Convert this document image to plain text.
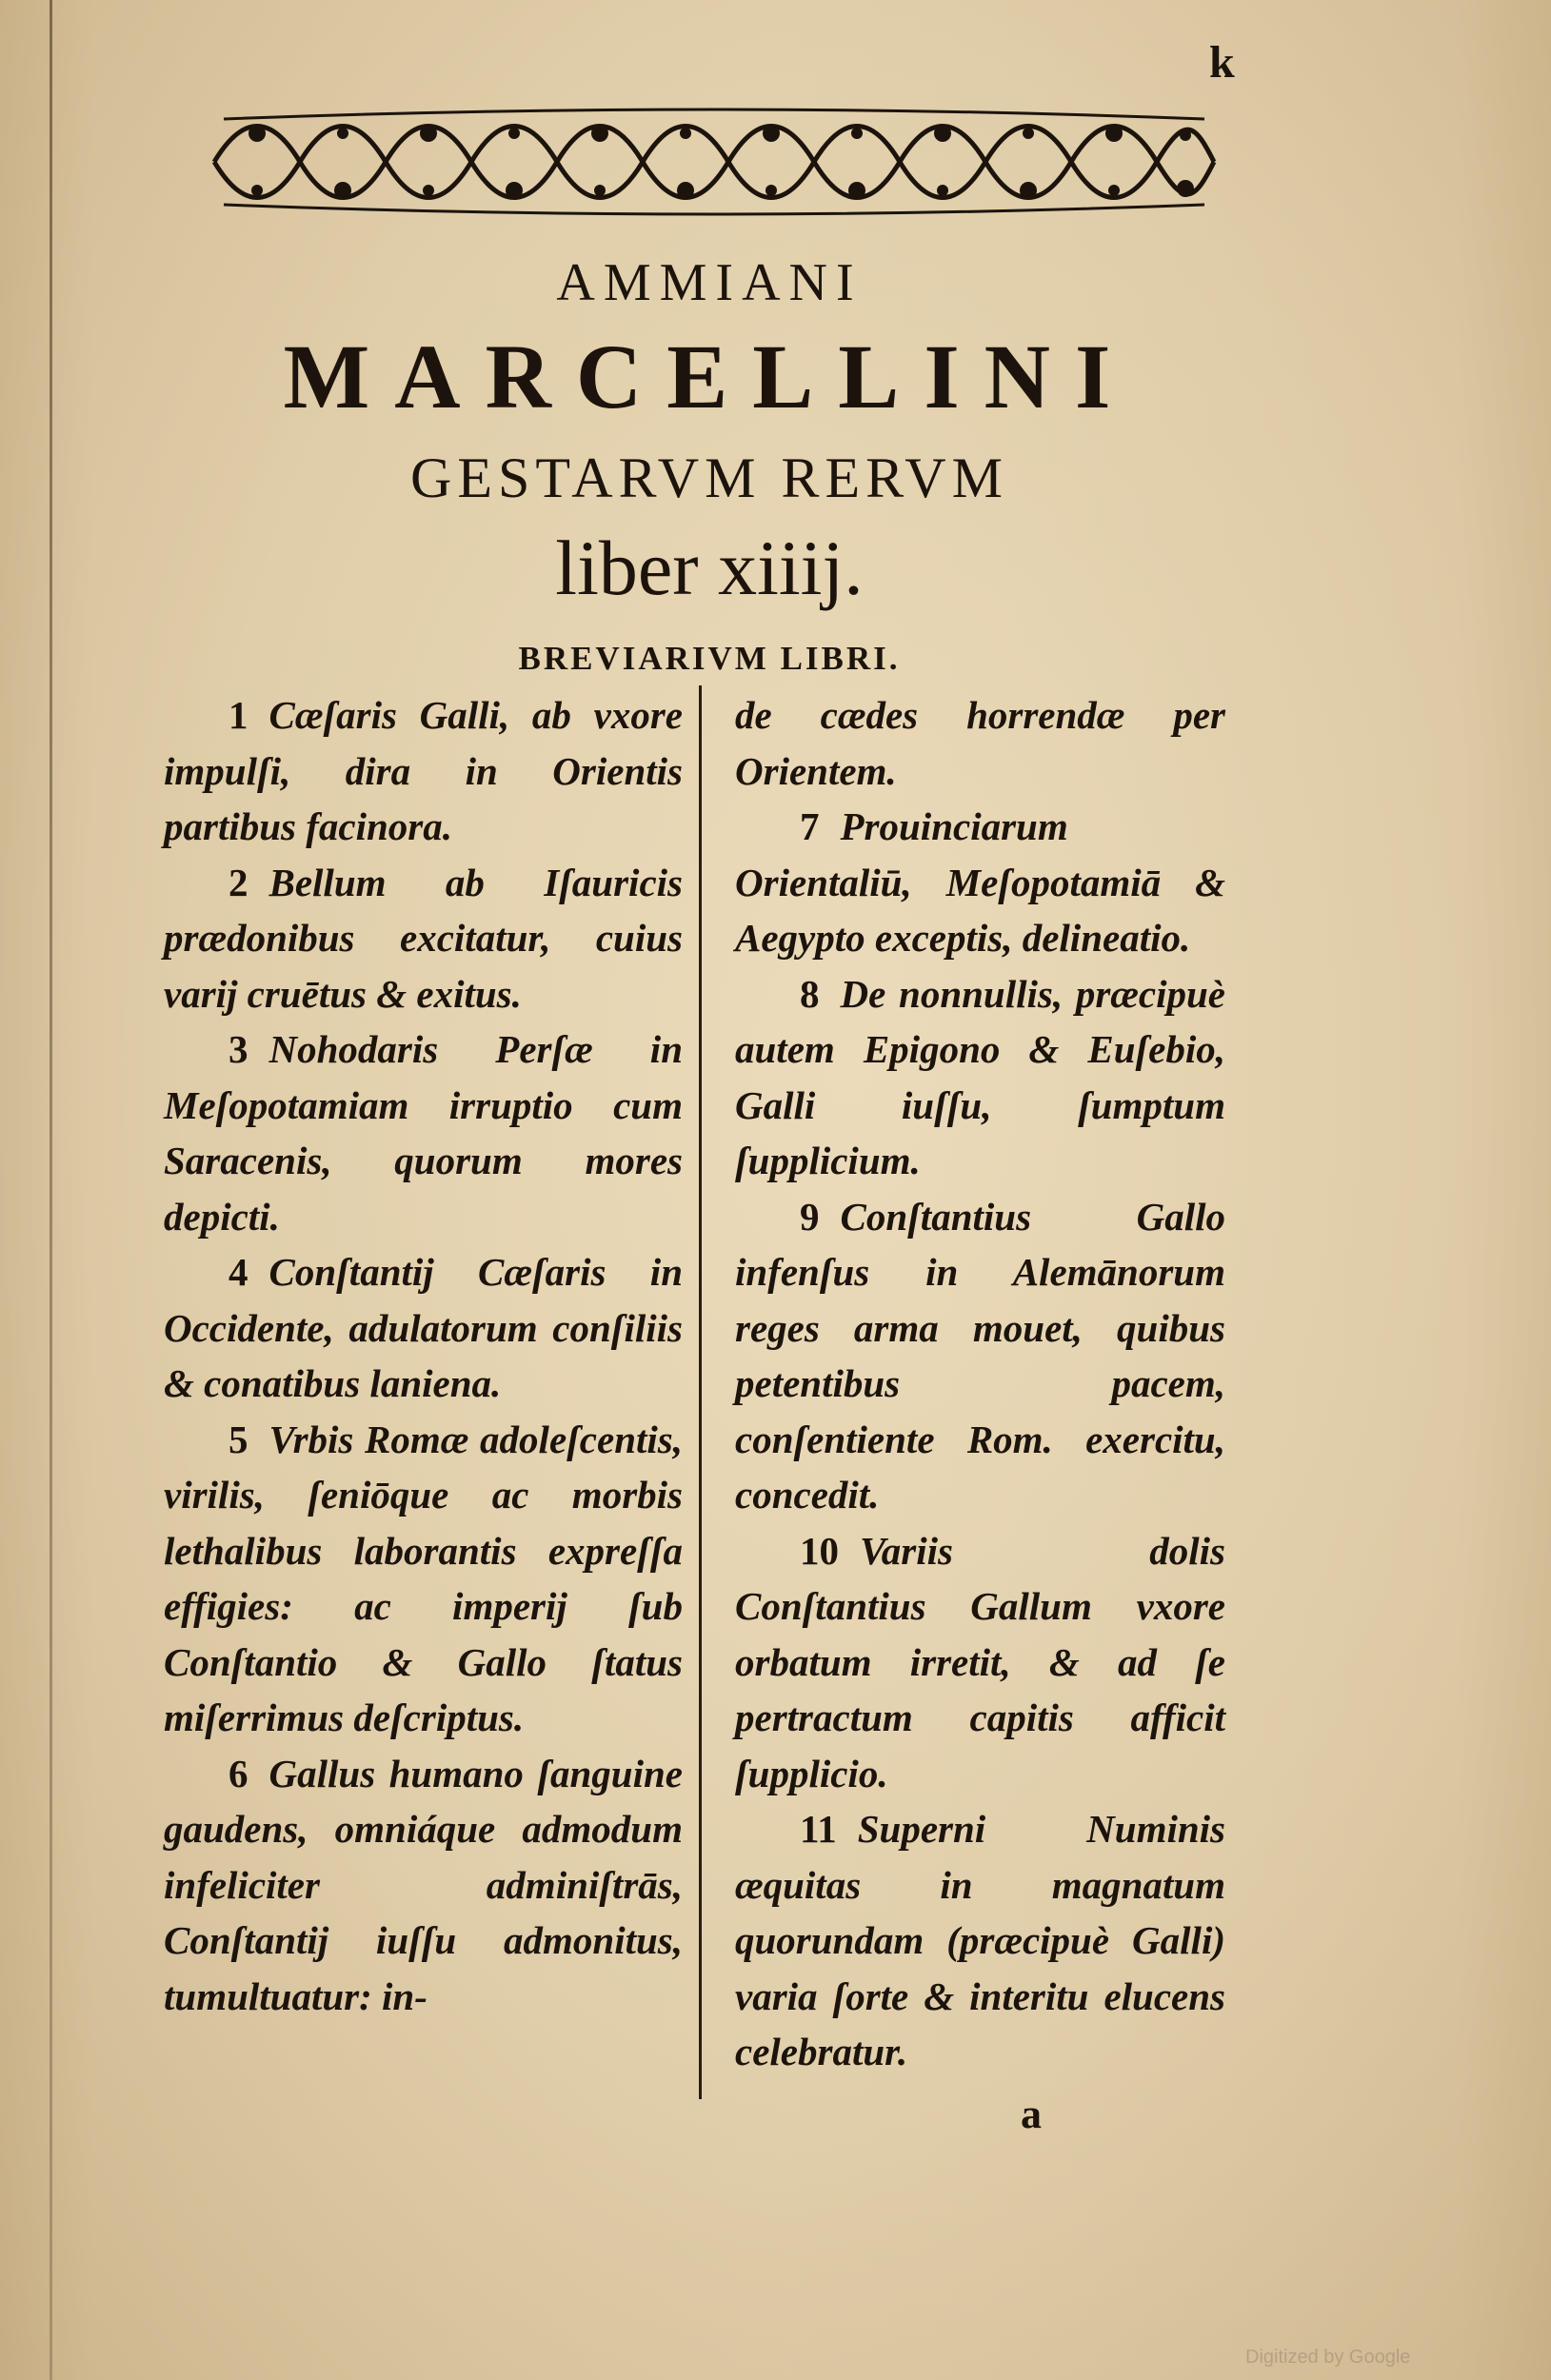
k
AMMIANI
MARCELLINI
GESTARVM RERVM
liber xiiij.
BREVIARIVM LIBRI.

1 Cæſaris Galli, ab vxore impulſi, dira in Orientis partibus facinora.

2 Bellum ab Iſauricis prædonibus excitatur, cuius varij cruētus & exitus.

3 Nohodaris Perſæ in Meſopotamiam irruptio cum Saracenis, quorum mores depicti.

4 Conſtantij Cæſaris in Occidente, adulatorum conſiliis & conatibus laniena.

5 Vrbis Romæ adoleſcentis, virilis, ſeniōque ac morbis lethalibus laborantis expreſſa effigies: ac imperij ſub Conſtantio & Gallo ſtatus miſerrimus deſcriptus.

6 Gallus humano ſanguine gaudens, omniáque admodum infeliciter adminiſtrās, Conſtantij iuſſu admonitus, tumultuatur: in-

de cædes horrendæ per Orientem.

7 Prouinciarum Orientaliū, Meſopotamiā & Aegypto exceptis, delineatio.

8 De nonnullis, præcipuè autem Epigono & Euſebio, Galli iuſſu, ſumptum ſupplicium.

9 Conſtantius Gallo infenſus in Alemānorum reges arma mouet, quibus petentibus pacem, conſentiente Rom. exercitu, concedit.

10 Variis dolis Conſtantius Gallum vxore orbatum irretit, & ad ſe pertractum capitis afficit ſupplicio.

11 Superni Numinis æquitas in magnatum quorundam (præcipuè Galli) varia ſorte & interitu elucens celebratur.

a
Digitized by Google
